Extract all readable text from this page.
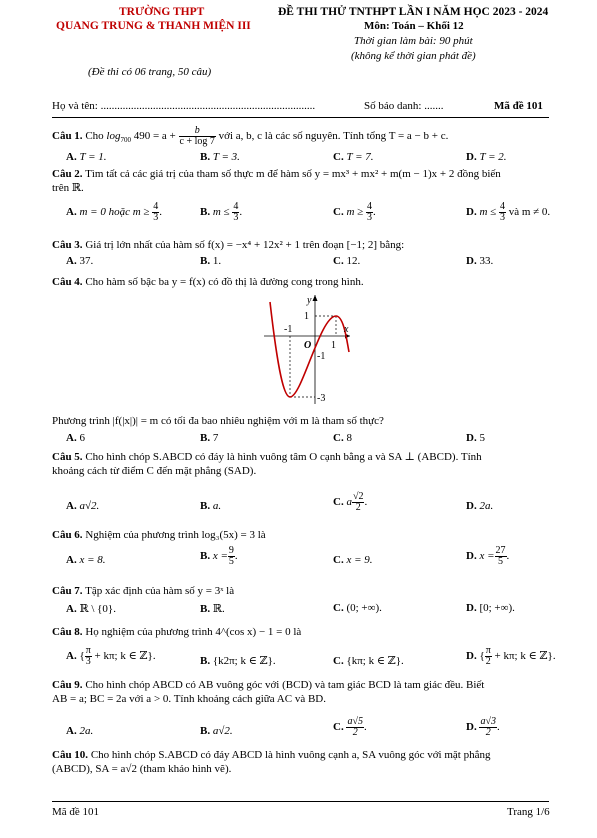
TRƯỜNG THPT
QUANG TRUNG & THANH MIỆN III
(Đề thi có 06 trang, 50 câu)
ĐỀ THI THỬ TNTHPT LẦN I NĂM HỌC 2023 - 2024
Môn: Toán – Khối 12
Thời gian làm bài: 90 phút
(không kể thời gian phát đề)
Họ và tên: ..............................................................................	Số báo danh: .......	Mã đề 101
Câu 1. Cho $\log_{700} 490 = a + \frac{b}{c + \log 7}$ với a, b, c là các số nguyên. Tính tổng T = a − b + c.
A. T = 1.	B. T = 3.	C. T = 7.	D. T = 2.
Câu 2. Tìm tất cả các giá trị của tham số thực m để hàm số y = mx³ + mx² + m(m − 1)x + 2 đồng biến
trên ℝ.
A. m = 0 hoặc $m \ge \frac{4}{3}$ .	B. $m \le \frac{4}{3}$ .	C. $m \ge \frac{4}{3}$ .	D. $m \le \frac{4}{3}$ và m ≠ 0.
Câu 3. Giá trị lớn nhất của hàm số f(x) = −x⁴ + 12x² + 1 trên đoạn [−1; 2] bằng:
A. 37.	B. 1.	C. 12.	D. 33.
Câu 4. Cho hàm số bậc ba y = f(x) có đồ thị là đường cong trong hình.
y
x
1
-1
O 1
-1
-3
Phương trình |f(|x|)| = m có tối đa bao nhiêu nghiệm với m là tham số thực?
A. 6	B. 7	C. 8	D. 5
Câu 5. Cho hình chóp S.ABCD có đáy là hình vuông tâm O cạnh bằng a và SA ⊥ (ABCD). Tính
khoảng cách từ điểm C đến mặt phẳng (SAD).
A. a√2.	B. a.	C. a $\frac{√2}{2}$ .	D. 2a.
Câu 6. Nghiệm của phương trình log₃(5x) = 3 là
A. x = 8.	B. $x = \frac{9}{5}$ .	C. x = 9.	D. $x = \frac{27}{5}$ .
Câu 7. Tập xác định của hàm số y = 3ˣ là
A. ℝ \ {0}.	B. ℝ.	C. (0; +∞).	D. [0; +∞).
Câu 8. Họ nghiệm của phương trình 4^(cos x) − 1 = 0 là
A. { $\frac{\pi}{3} + k\pi$; k ∈ ℤ}.	B. {k2π; k ∈ ℤ}.	C. {kπ; k ∈ ℤ}.	D. { $\frac{\pi}{2} + k\pi$; k ∈ ℤ}.
Câu 9. Cho hình chóp ABCD có AB vuông góc với (BCD) và tam giác BCD là tam giác đều. Biết
AB = a; BC = 2a với a > 0. Tính khoảng cách giữa AC và BD.
A. 2a.	B. a√2.	C. $\frac{a√5}{2}$ .	D. $\frac{a√3}{2}$ .
Câu 10. Cho hình chóp S.ABCD có đáy ABCD là hình vuông cạnh a, SA vuông góc với mặt phẳng
(ABCD), SA = a√2 (tham khảo hình vẽ).
Mã đề 101	Trang 1/6
